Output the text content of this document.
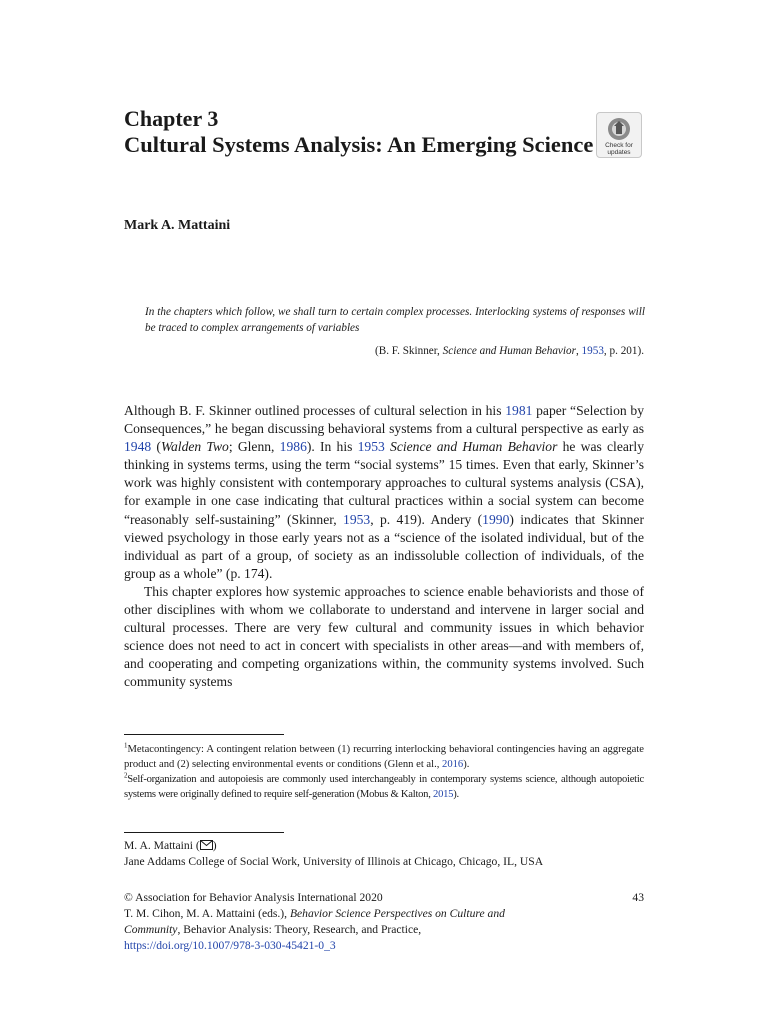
Chapter 3
Cultural Systems Analysis: An Emerging Science	Check for
updates
Mark A. Mattaini
In the chapters which follow, we shall turn to certain complex processes. Interlocking systems of responses will be traced to complex arrangements of variables
(B. F. Skinner, Science and Human Behavior, 1953, p. 201).

Although B. F. Skinner outlined processes of cultural selection in his 1981 paper “Selection by Consequences,” he began discussing behavioral systems from a cultural perspective as early as 1948 (Walden Two; Glenn, 1986). In his 1953 Science and Human Behavior he was clearly thinking in systems terms, using the term “social systems” 15 times. Even that early, Skinner’s work was highly consistent with contemporary approaches to cultural systems analysis (CSA), for example in one case indicating that cultural practices within a social system can become “reasonably self-sustaining” (Skinner, 1953, p. 419). Andery (1990) indicates that Skinner viewed psychology in those early years not as a “science of the isolated individual, but of the individual as part of a group, of society as an indissoluble collection of individuals, of the group as a whole” (p. 174).

This chapter explores how systemic approaches to science enable behaviorists and those of other disciplines with whom we collaborate to understand and intervene in larger social and cultural processes. There are very few cultural and community issues in which behavior science does not need to act in concert with specialists in other areas—and with members of, and cooperating and competing organizations within, the community systems involved. Such community systems

$^1$Metacontingency: A contingent relation between (1) recurring interlocking behavioral contingencies having an aggregate product and (2) selecting environmental events or conditions (Glenn et al., 2016).

$^2$Self-organization and autopoiesis are commonly used interchangeably in contemporary systems science, although autopoietic systems were originally defined to require self-generation (Mobus & Kalton, 2015).

M. A. Mattaini ( )

Jane Addams College of Social Work, University of Illinois at Chicago, Chicago, IL, USA

© Association for Behavior Analysis International 2020

T. M. Cihon, M. A. Mattaini (eds.), Behavior Science Perspectives on Culture and Community, Behavior Analysis: Theory, Research, and Practice,

https://doi.org/10.1007/978-3-030-45421-0_3

43
